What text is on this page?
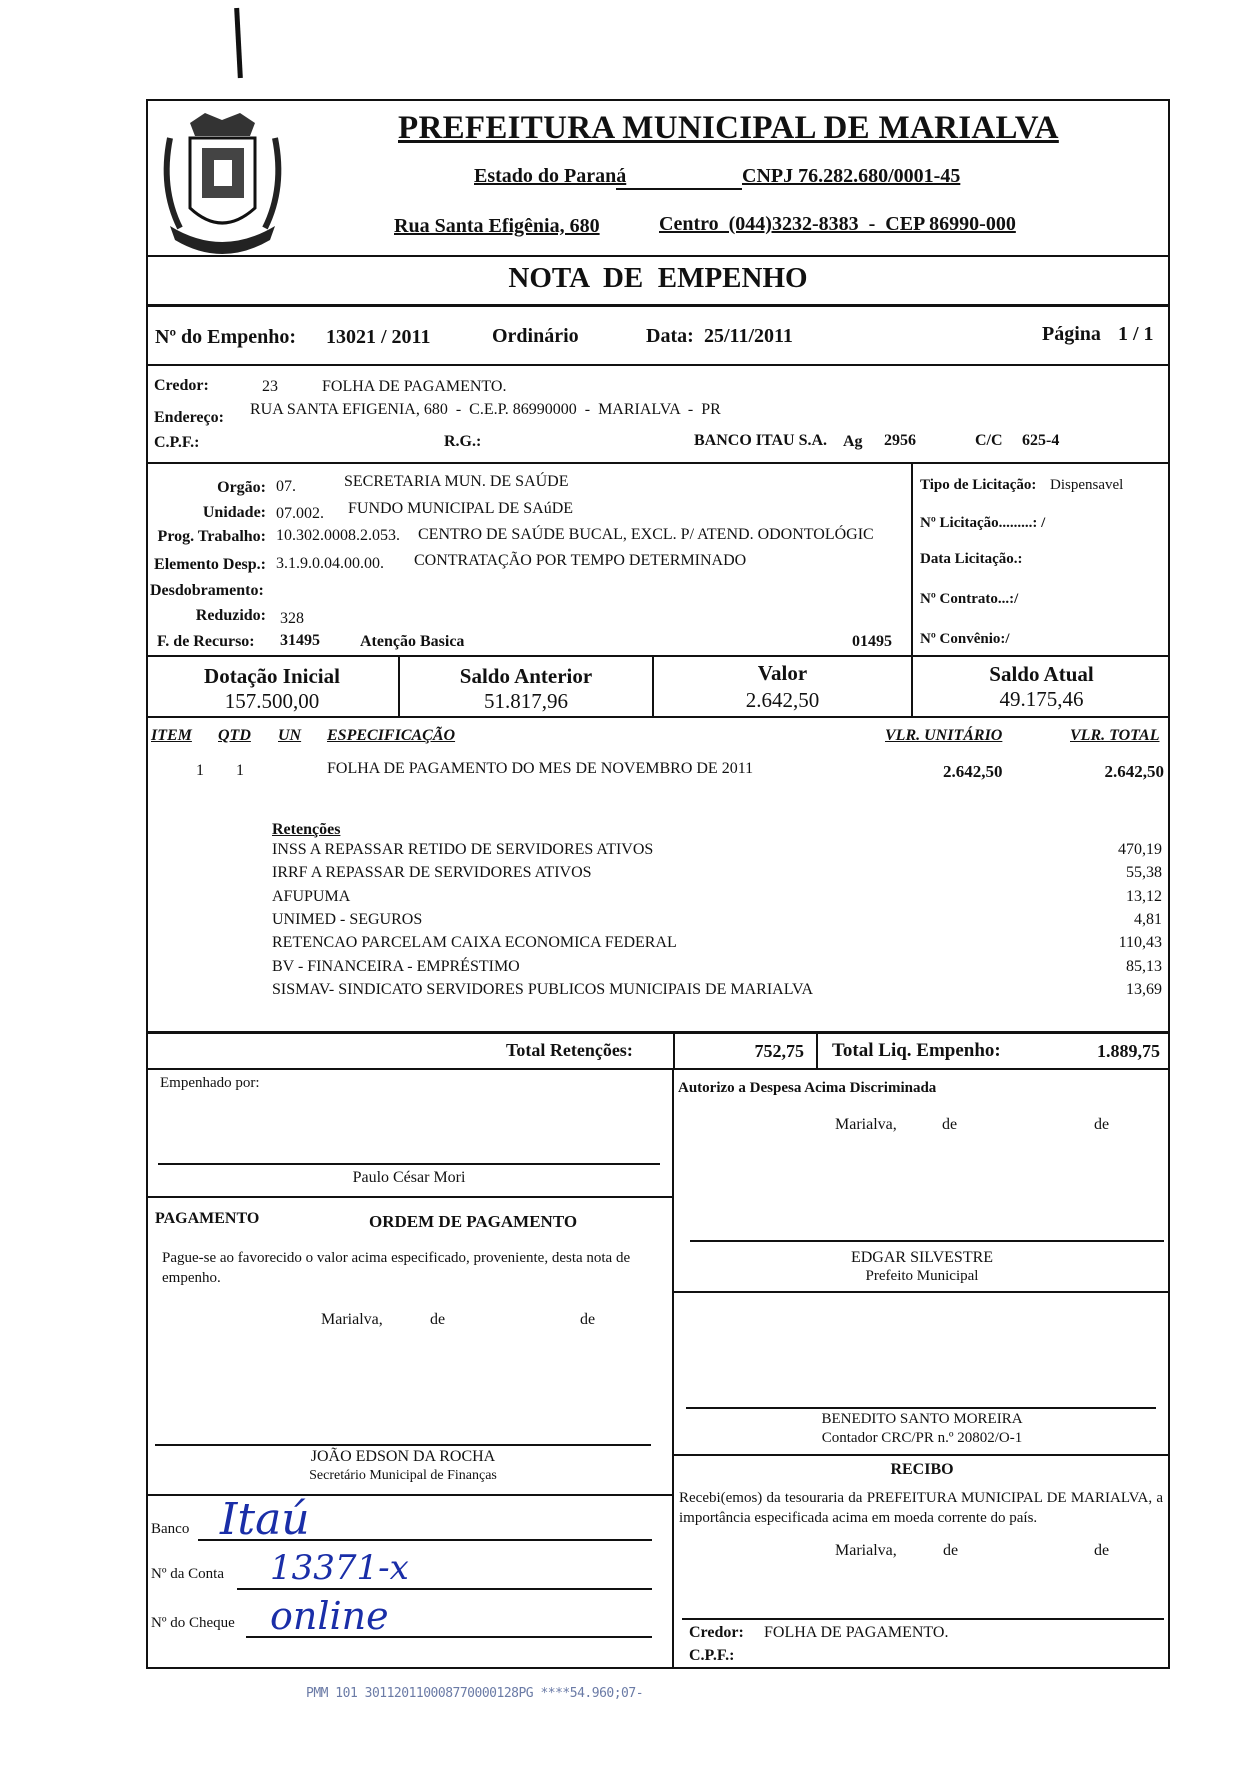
MARIALVA
PREFEITURA MUNICIPAL DE MARIALVA
Estado do Paraná	CNPJ 76.282.680/0001-45
Rua Santa Efigênia, 680	Centro  (044)3232-8383  -  CEP 86990-000
NOTA  DE  EMPENHO
Nº do Empenho: 13021 / 2011	Ordinário	Data: 25/11/2011	Página 1 / 1
Credor:	23	FOLHA DE PAGAMENTO.
Endereço: RUA SANTA EFIGENIA, 680  -  C.E.P. 86990000  -  MARIALVA  -  PR
C.P.F.:	R.G.:	BANCO ITAU S.A. Ag 2956	C/C 625-4
Orgão: 07.	SECRETARIA MUN. DE SAÚDE
Unidade: 07.002. FUNDO MUNICIPAL DE SAúDE
Prog. Trabalho: 10.302.0008.2.053. CENTRO DE SAÚDE BUCAL, EXCL. P/ ATEND. ODONTOLÓGIC
Elemento Desp.: 3.1.9.0.04.00.00. CONTRATAÇÃO POR TEMPO DETERMINADO
Desdobramento:
Reduzido: 328
F. de Recurso: 31495	Atenção Basica	01495
Tipo de Licitação: Dispensavel
Nº Licitação.........: /
Data Licitação.:
Nº Contrato...:/
Nº Convênio:/
Dotação Inicial
157.500,00
Saldo Anterior
51.817,96
Valor
2.642,50
Saldo Atual
49.175,46
ITEM QTD UN ESPECIFICAÇÃO	VLR. UNITÁRIO	VLR. TOTAL
1 1	FOLHA DE PAGAMENTO DO MES DE NOVEMBRO DE 2011	2.642,50	2.642,50
Retenções
INSS A REPASSAR RETIDO DE SERVIDORES ATIVOS	470,19
IRRF A REPASSAR DE SERVIDORES ATIVOS	55,38
AFUPUMA	13,12
UNIMED - SEGUROS	4,81
RETENCAO PARCELAM CAIXA ECONOMICA FEDERAL	110,43
BV - FINANCEIRA - EMPRÉSTIMO	85,13
SISMAV- SINDICATO SERVIDORES PUBLICOS MUNICIPAIS DE MARIALVA	13,69
Total Retenções:	752,75 Total Liq. Empenho:	1.889,75
Empenhado por:
Paulo César Mori
PAGAMENTO	ORDEM DE PAGAMENTO
Pague-se ao favorecido o valor acima especificado, proveniente, desta nota de empenho.
Marialva,	de	de
JOÃO EDSON DA ROCHA
Secretário Municipal de Finanças
Banco Itaú
Nº da Conta 13371-x
Nº do Cheque online
Autorizo a Despesa Acima Discriminada
Marialva,	de	de
EDGAR SILVESTRE
Prefeito Municipal
BENEDITO SANTO MOREIRA
Contador CRC/PR n.º 20802/O-1
RECIBO
Recebi(emos) da tesouraria da PREFEITURA MUNICIPAL DE MARIALVA, a importância especificada acima em moeda corrente do país.
Marialva,	de	de
Credor: FOLHA DE PAGAMENTO.
C.P.F.:
PMM 101 301120110008770000128PG ****54.960;07-
